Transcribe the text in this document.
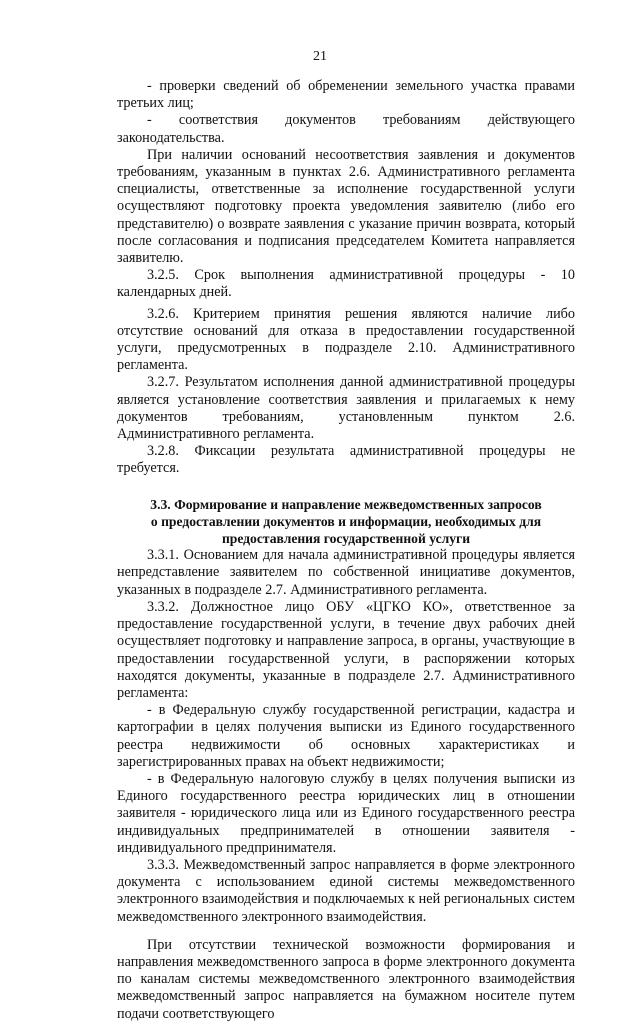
21

- проверки сведений об обременении земельного участка правами третьих лиц;

- соответствия документов требованиям действующего законодательства.

При наличии оснований несоответствия заявления и документов требованиям, указанным в пунктах 2.6. Административного регламента специалисты, ответственные за исполнение государственной услуги осуществляют подготовку проекта уведомления заявителю (либо его представителю) о возврате заявления с указание причин возврата, который после согласования и подписания председателем Комитета направляется заявителю.

3.2.5. Срок выполнения административной процедуры - 10 календарных дней.

3.2.6. Критерием принятия решения являются наличие либо отсутствие оснований для отказа в предоставлении государственной услуги, предусмотренных в подразделе 2.10. Административного регламента.

3.2.7. Результатом исполнения данной административной процедуры является установление соответствия заявления и прилагаемых к нему документов требованиям, установленным пунктом 2.6. Административного регламента.

3.2.8. Фиксации результата административной процедуры не требуется.

3.3. Формирование и направление межведомственных запросов
о предоставлении документов и информации, необходимых для
предоставления государственной услуги

3.3.1. Основанием для начала административной процедуры является непредставление заявителем по собственной инициативе документов, указанных в подразделе 2.7. Административного регламента.

3.3.2. Должностное лицо ОБУ «ЦГКО КО», ответственное за предоставление государственной услуги, в течение двух рабочих дней осуществляет подготовку и направление запроса, в органы, участвующие в предоставлении государственной услуги, в распоряжении которых находятся документы, указанные в подразделе 2.7. Административного регламента:

- в Федеральную службу государственной регистрации, кадастра и картографии в целях получения выписки из Единого государственного реестра недвижимости об основных характеристиках и зарегистрированных правах на объект недвижимости;

- в Федеральную налоговую службу в целях получения выписки из Единого государственного реестра юридических лиц в отношении заявителя - юридического лица или из Единого государственного реестра индивидуальных предпринимателей в отношении заявителя - индивидуального предпринимателя.

3.3.3. Межведомственный запрос направляется в форме электронного документа с использованием единой системы межведомственного электронного взаимодействия и подключаемых к ней региональных систем межведомственного электронного взаимодействия.

При отсутствии технической возможности формирования и направления межведомственного запроса в форме электронного документа по каналам системы межведомственного электронного взаимодействия межведомственный запрос направляется на бумажном носителе путем подачи соответствующего
